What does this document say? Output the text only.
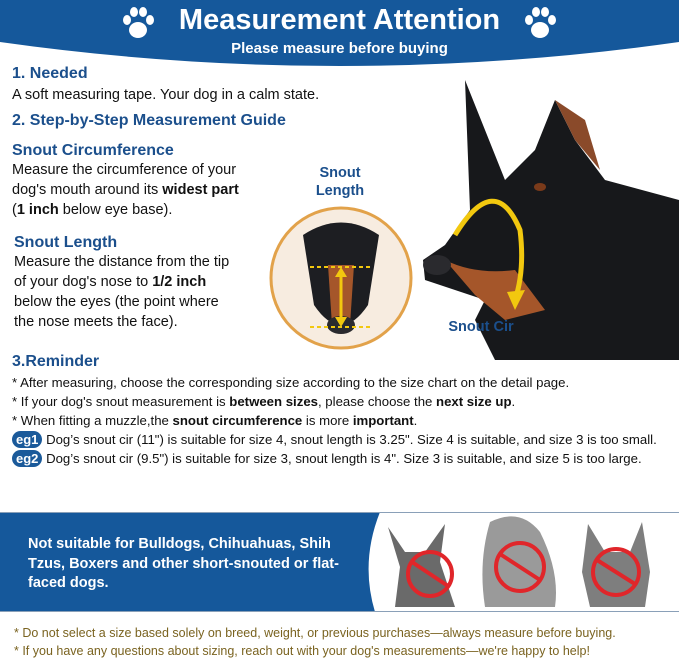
Measurement Attention
Please measure before buying
1. Needed
A soft measuring tape. Your dog in a calm state.
2. Step-by-Step Measurement Guide
Snout Circumference
Measure the circumference of your
dog's mouth around its widest part
(1 inch below eye base).
Snout Length
Measure the distance from the tip
of your dog's nose to 1/2 inch
below the eyes (the point where
the nose meets the face).
Snout Length
Snout Cir
3.Reminder
* After measuring, choose the corresponding size according to the size chart on the detail page.
* If your dog's snout measurement is between sizes, please choose the next size up.
* When fitting a muzzle,the snout circumference is more important.
eg1 Dog’s snout cir (11") is suitable for size 4, snout length is 3.25". Size 4 is suitable, and size 3 is too small.
eg2 Dog’s snout cir (9.5") is suitable for size 3, snout length is 4". Size 3 is suitable, and size 5 is too large.
Not suitable for Bulldogs, Chihuahuas, Shih Tzus, Boxers and other short-snouted or flat-faced dogs.
* Do not select a size based solely on breed, weight, or previous purchases—always measure before buying.
* If you have any questions about sizing, reach out with your dog's measurements—we're happy to help!
